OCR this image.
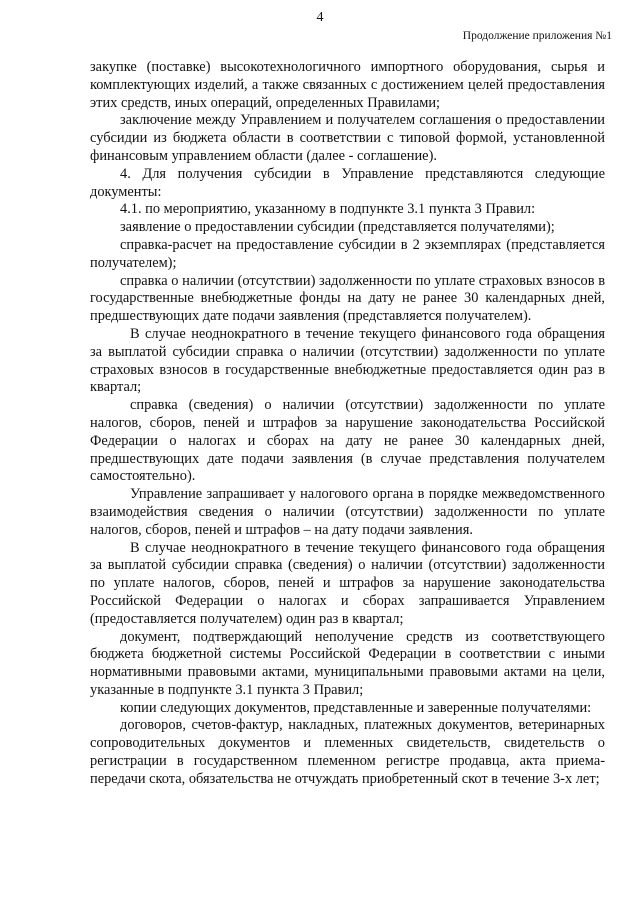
4
Продолжение приложения №1

закупке (поставке) высокотехнологичного импортного оборудования, сырья и комплектующих изделий, а также связанных с достижением целей предоставления этих средств, иных операций, определенных Правилами;

заключение между Управлением и получателем соглашения о предоставлении субсидии из бюджета области в соответствии с типовой формой, установленной финансовым управлением области (далее - соглашение).

4. Для получения субсидии в Управление представляются следующие документы:

4.1. по мероприятию, указанному в подпункте 3.1 пункта 3 Правил:

заявление о предоставлении субсидии (представляется получателями);

справка-расчет на предоставление субсидии в 2 экземплярах (представляется получателем);

справка о наличии (отсутствии) задолженности по уплате страховых взносов в государственные внебюджетные фонды на дату не ранее 30 календарных дней, предшествующих дате подачи заявления (представляется получателем).

В случае неоднократного в течение текущего финансового года обращения за выплатой субсидии справка о наличии (отсутствии) задолженности по уплате страховых взносов в государственные внебюджетные предоставляется один раз в квартал;

справка (сведения) о наличии (отсутствии) задолженности по уплате налогов, сборов, пеней и штрафов за нарушение законодательства Российской Федерации о налогах и сборах на дату не ранее 30 календарных дней, предшествующих дате подачи заявления (в случае представления получателем самостоятельно).

Управление запрашивает у налогового органа в порядке межведомственного взаимодействия сведения о наличии (отсутствии) задолженности по уплате налогов, сборов, пеней и штрафов – на дату подачи заявления.

В случае неоднократного в течение текущего финансового года обращения за выплатой субсидии справка (сведения) о наличии (отсутствии) задолженности по уплате налогов, сборов, пеней и штрафов за нарушение законодательства Российской Федерации о налогах и сборах запрашивается Управлением (предоставляется получателем) один раз в квартал;

документ, подтверждающий неполучение средств из соответствующего бюджета бюджетной системы Российской Федерации в соответствии с иными нормативными правовыми актами, муниципальными правовыми актами на цели, указанные в подпункте 3.1 пункта 3 Правил;

копии следующих документов, представленные и заверенные получателями:

договоров, счетов-фактур, накладных, платежных документов, ветеринарных сопроводительных документов и племенных свидетельств, свидетельств о регистрации в государственном племенном регистре продавца, акта приема-передачи скота, обязательства не отчуждать приобретенный скот в течение 3-х лет;
